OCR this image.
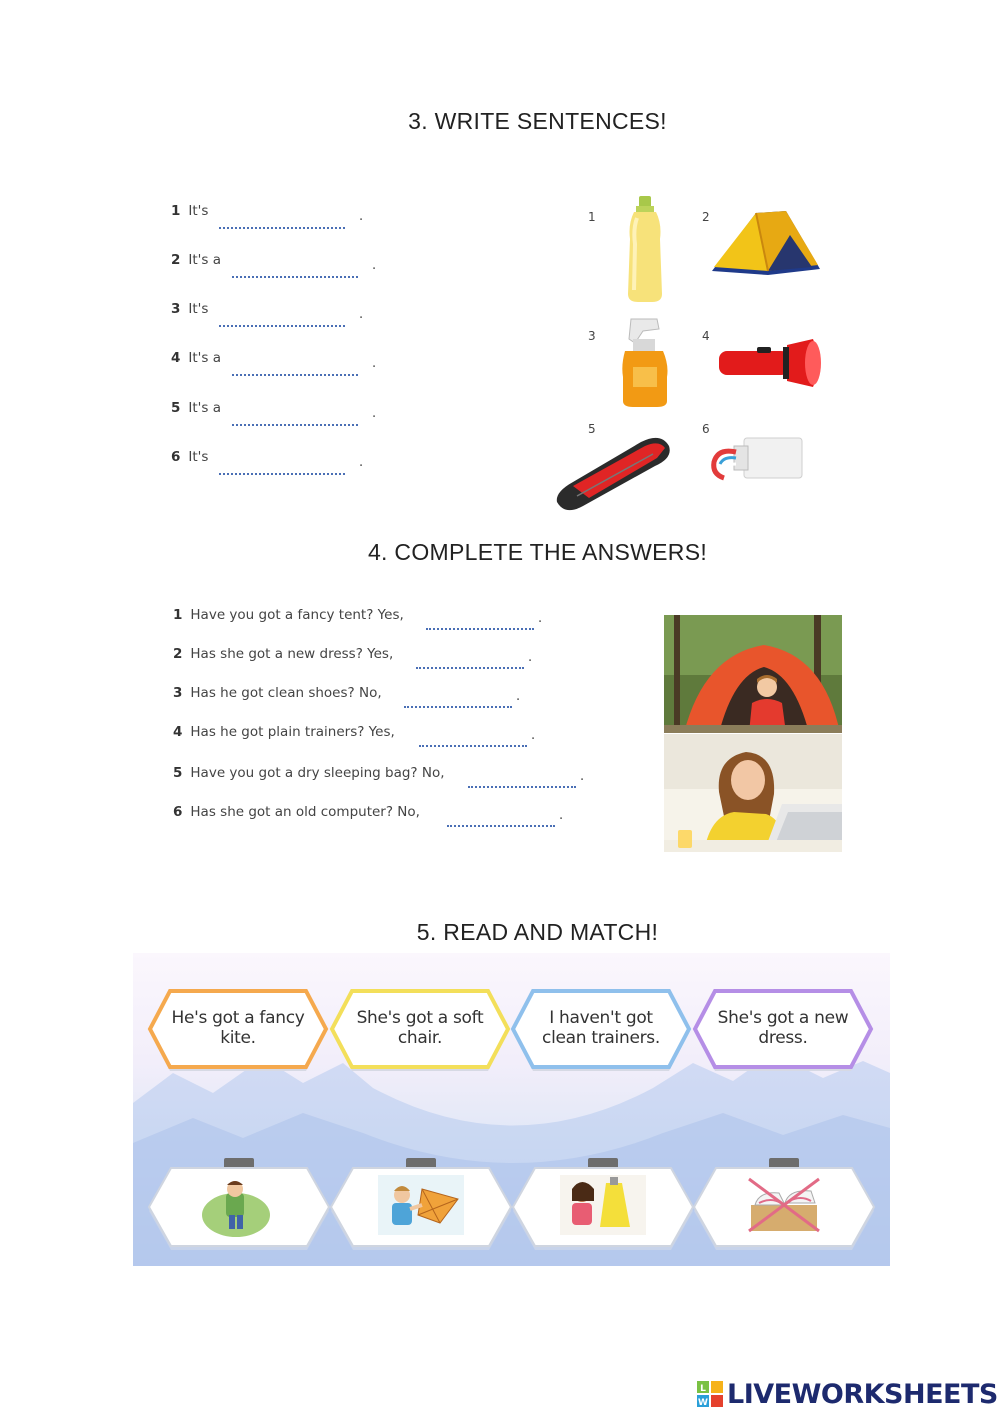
3. WRITE SENTENCES!
1 It's	.
2 It's a	.
3 It's	.
4 It's a	.
5 It's a	.
6 It's	.
1	2
3	4
5	6
4. COMPLETE THE ANSWERS!
1 Have you got a fancy tent? Yes,	.
2 Has she got a new dress? Yes,	.
3 Has he got clean shoes? No,	.
4 Has he got plain trainers? Yes,	.
5 Have you got a dry sleeping bag? No,	.
6 Has she got an old computer? No,	.
5. READ AND MATCH!
He's got a fancy
kite.
She's got a soft
chair.
I haven't got
clean trainers.
She's got a new
dress.
L
W LIVEWORKSHEETS
